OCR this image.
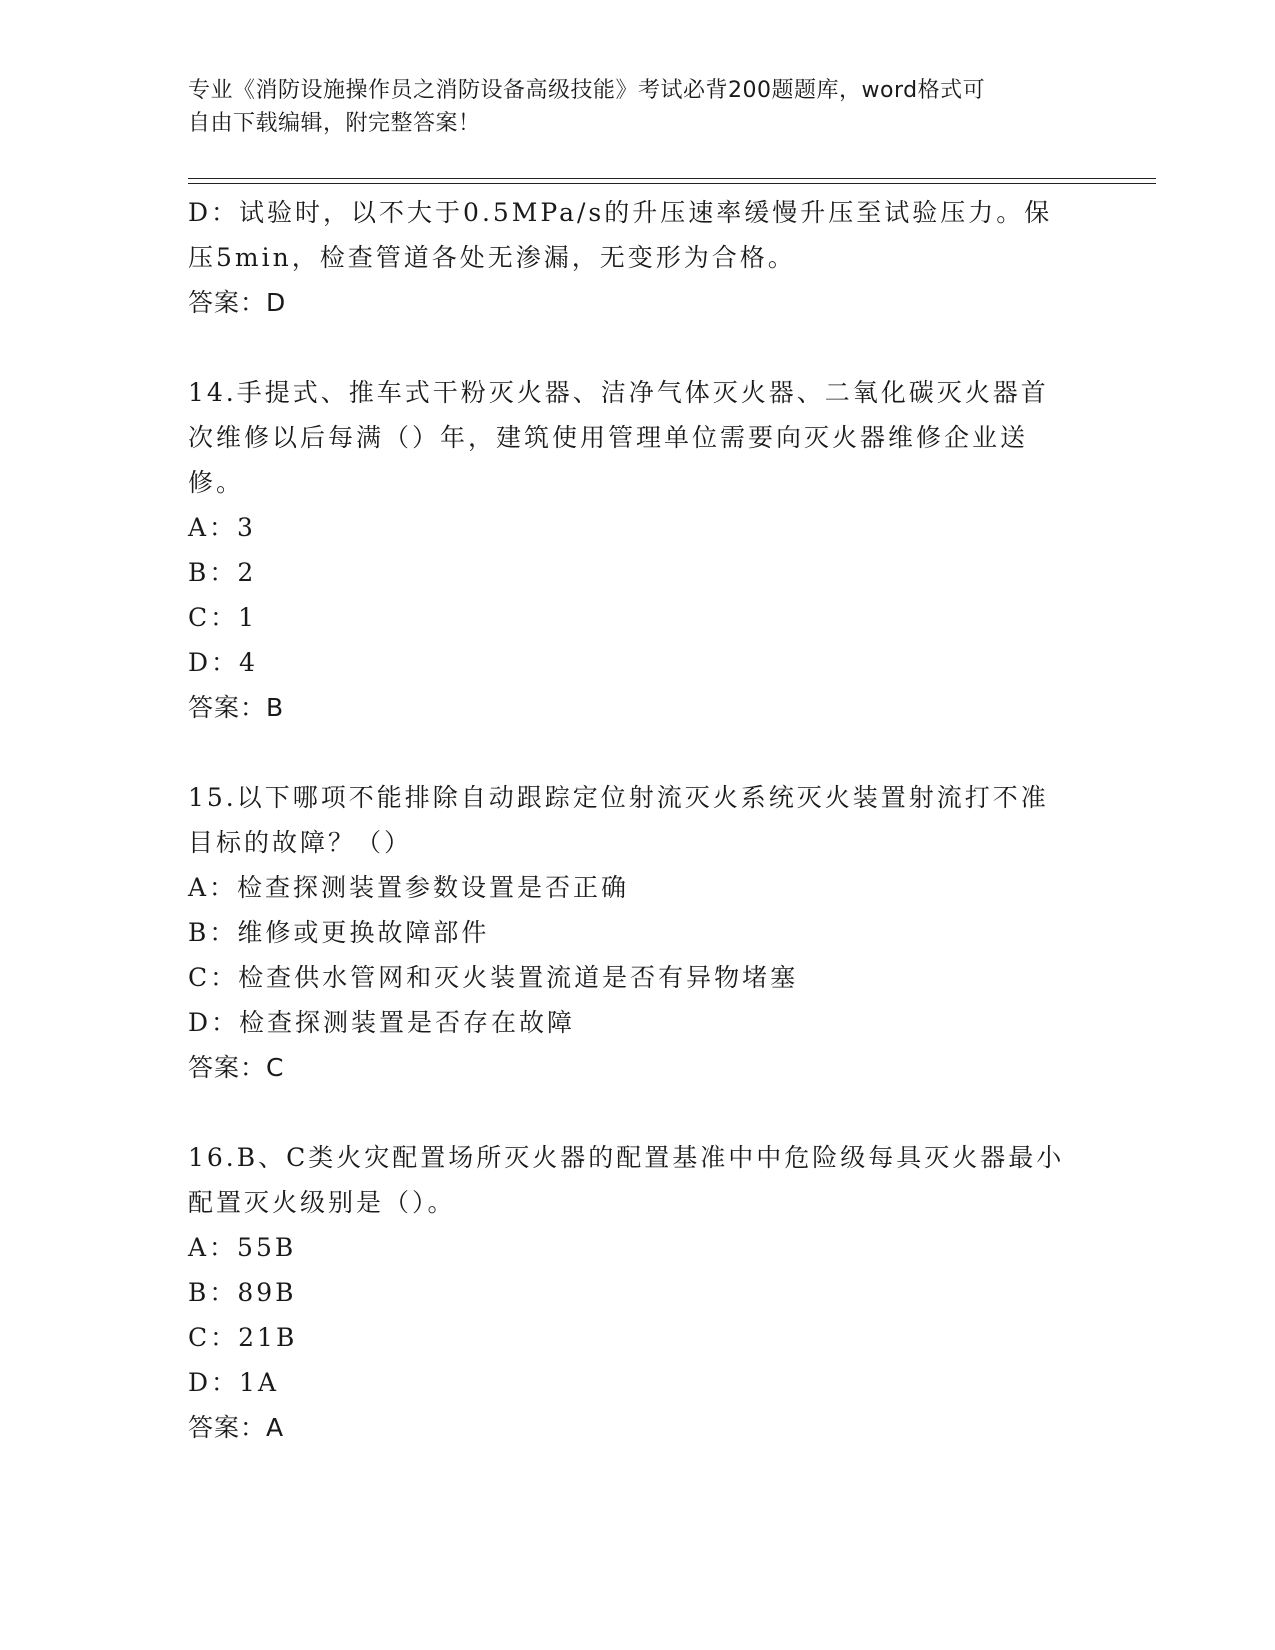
专业《消防设施操作员之消防设备高级技能》考试必背200题题库，word格式可
自由下载编辑，附完整答案！
D：试验时，以不大于0.5MPa/s的升压速率缓慢升压至试验压力。保
压5min，检查管道各处无渗漏，无变形为合格。
答案：D
14.手提式、推车式干粉灭火器、洁净气体灭火器、二氧化碳灭火器首
次维修以后每满（）年，建筑使用管理单位需要向灭火器维修企业送
修。
A：3
B：2
C：1
D：4
答案：B
15.以下哪项不能排除自动跟踪定位射流灭火系统灭火装置射流打不准
目标的故障？（）
A：检查探测装置参数设置是否正确
B：维修或更换故障部件
C：检查供水管网和灭火装置流道是否有异物堵塞
D：检查探测装置是否存在故障
答案：C
16.B、C类火灾配置场所灭火器的配置基准中中危险级每具灭火器最小
配置灭火级别是（）。
A：55B
B：89B
C：21B
D：1A
答案：A
